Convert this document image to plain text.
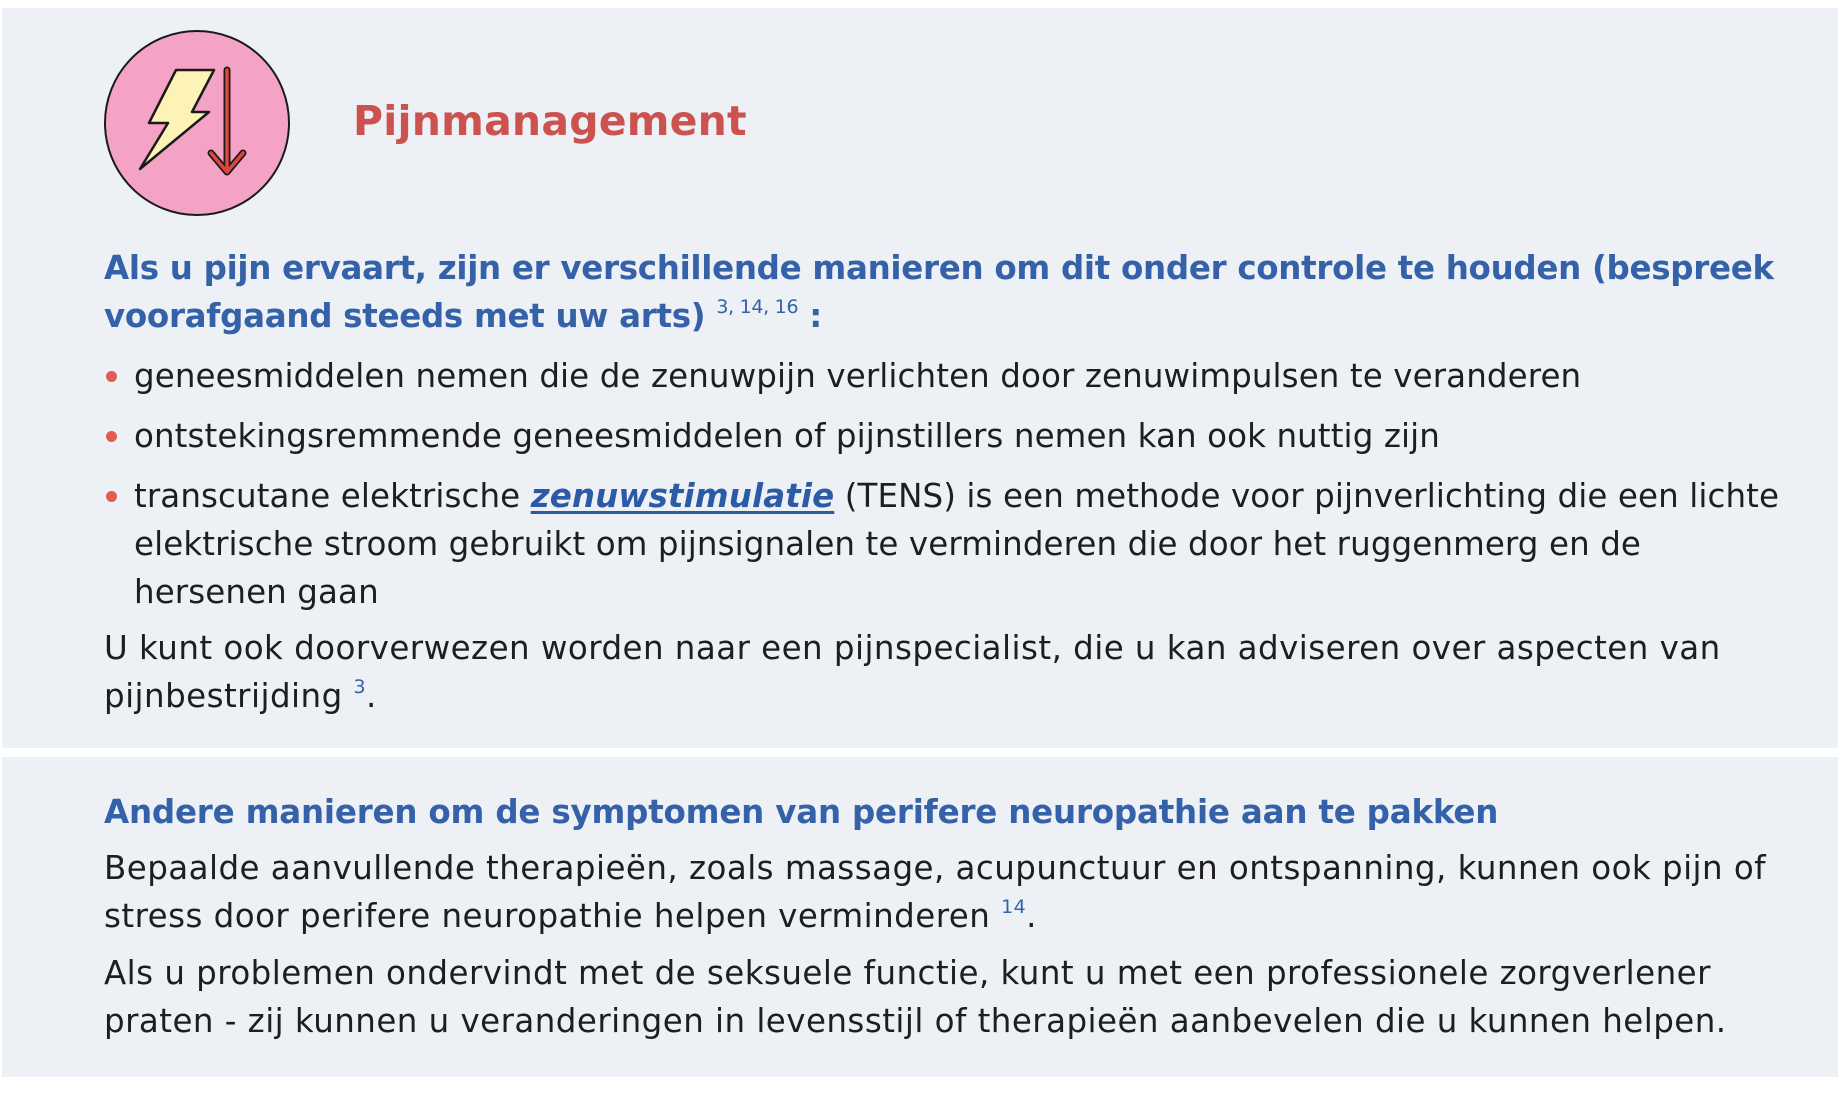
Pijnmanagement

Als u pijn ervaart, zijn er verschillende manieren om dit onder controle te houden (bespreek voorafgaand steeds met uw arts) $^{3, 14, 16}$ :

geneesmiddelen nemen die de zenuwpijn verlichten door zenuwimpulsen te veranderen
ontstekingsremmende geneesmiddelen of pijnstillers nemen kan ook nuttig zijn
transcutane elektrische zenuwstimulatie (TENS) is een methode voor pijnverlichting die een lichte elektrische stroom gebruikt om pijnsignalen te verminderen die door het ruggenmerg en de hersenen gaan

U kunt ook doorverwezen worden naar een pijnspecialist, die u kan adviseren over aspecten van pijnbestrijding $^3$.

Andere manieren om de symptomen van perifere neuropathie aan te pakken

Bepaalde aanvullende therapieën, zoals massage, acupunctuur en ontspanning, kunnen ook pijn of stress door perifere neuropathie helpen verminderen $^{14}$.

Als u problemen ondervindt met de seksuele functie, kunt u met een professionele zorgverlener praten - zij kunnen u veranderingen in levensstijl of therapieën aanbevelen die u kunnen helpen.
